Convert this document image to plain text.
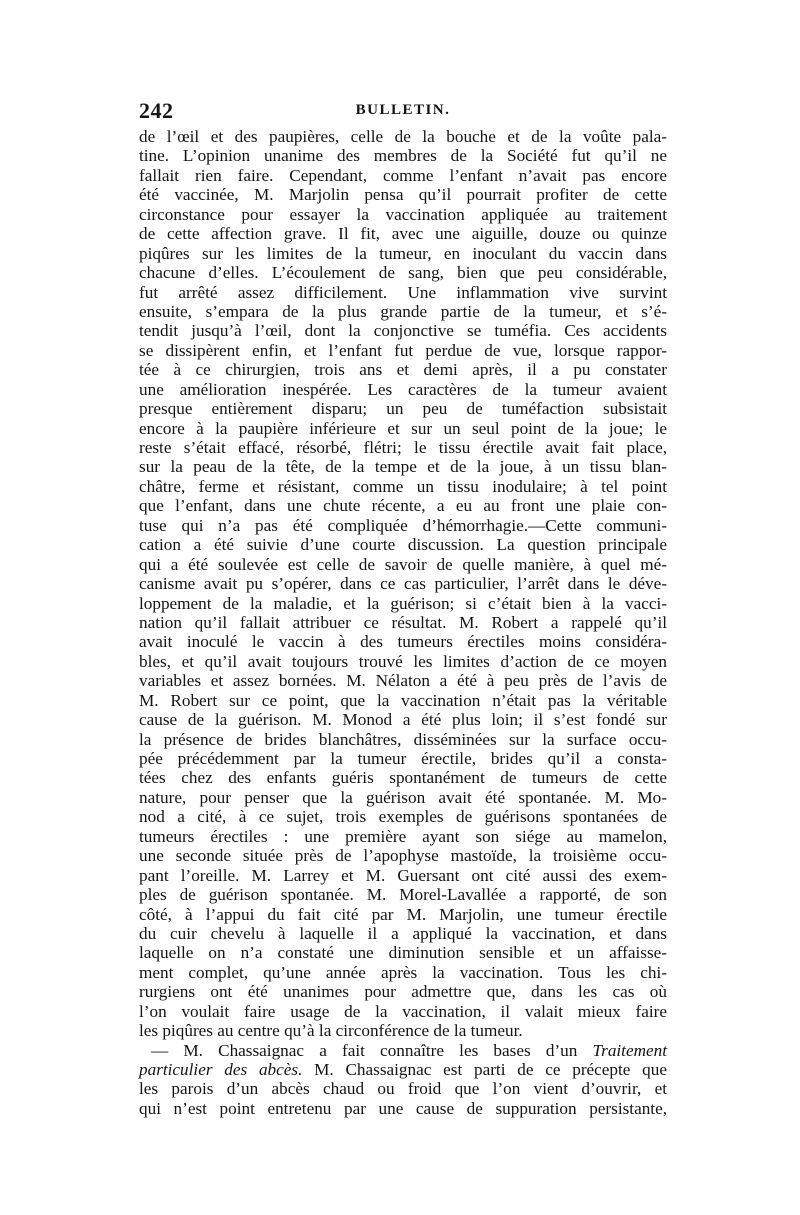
242	BULLETIN.
de l’œil et des paupières, celle de la bouche et de la voûte pala-
tine. L’opinion unanime des membres de la Société fut qu’il ne
fallait rien faire. Cependant, comme l’enfant n’avait pas encore
été vaccinée, M. Marjolin pensa qu’il pourrait profiter de cette
circonstance pour essayer la vaccination appliquée au traitement
de cette affection grave. Il fit, avec une aiguille, douze ou quinze
piqûres sur les limites de la tumeur, en inoculant du vaccin dans
chacune d’elles. L’écoulement de sang, bien que peu considérable,
fut arrêté assez difficilement. Une inflammation vive survint
ensuite, s’empara de la plus grande partie de la tumeur, et s’é-
tendit jusqu’à l’œil, dont la conjonctive se tuméfia. Ces accidents
se dissipèrent enfin, et l’enfant fut perdue de vue, lorsque rappor-
tée à ce chirurgien, trois ans et demi après, il a pu constater
une amélioration inespérée. Les caractères de la tumeur avaient
presque entièrement disparu; un peu de tuméfaction subsistait
encore à la paupière inférieure et sur un seul point de la joue; le
reste s’était effacé, résorbé, flétri; le tissu érectile avait fait place,
sur la peau de la tête, de la tempe et de la joue, à un tissu blan-
châtre, ferme et résistant, comme un tissu inodulaire; à tel point
que l’enfant, dans une chute récente, a eu au front une plaie con-
tuse qui n’a pas été compliquée d’hémorrhagie.—Cette communi-
cation a été suivie d’une courte discussion. La question principale
qui a été soulevée est celle de savoir de quelle manière, à quel mé-
canisme avait pu s’opérer, dans ce cas particulier, l’arrêt dans le déve-
loppement de la maladie, et la guérison; si c’était bien à la vacci-
nation qu’il fallait attribuer ce résultat. M. Robert a rappelé qu’il
avait inoculé le vaccin à des tumeurs érectiles moins considéra-
bles, et qu’il avait toujours trouvé les limites d’action de ce moyen
variables et assez bornées. M. Nélaton a été à peu près de l’avis de
M. Robert sur ce point, que la vaccination n’était pas la véritable
cause de la guérison. M. Monod a été plus loin; il s’est fondé sur
la présence de brides blanchâtres, disséminées sur la surface occu-
pée précédemment par la tumeur érectile, brides qu’il a consta-
tées chez des enfants guéris spontanément de tumeurs de cette
nature, pour penser que la guérison avait été spontanée. M. Mo-
nod a cité, à ce sujet, trois exemples de guérisons spontanées de
tumeurs érectiles : une première ayant son siége au mamelon,
une seconde située près de l’apophyse mastoïde, la troisième occu-
pant l’oreille. M. Larrey et M. Guersant ont cité aussi des exem-
ples de guérison spontanée. M. Morel-Lavallée a rapporté, de son
côté, à l’appui du fait cité par M. Marjolin, une tumeur érectile
du cuir chevelu à laquelle il a appliqué la vaccination, et dans
laquelle on n’a constaté une diminution sensible et un affaisse-
ment complet, qu’une année après la vaccination. Tous les chi-
rurgiens ont été unanimes pour admettre que, dans les cas où
l’on voulait faire usage de la vaccination, il valait mieux faire
les piqûres au centre qu’à la circonférence de la tumeur.
— M. Chassaignac a fait connaître les bases d’un Traitement
particulier des abcès. M. Chassaignac est parti de ce précepte que
les parois d’un abcès chaud ou froid que l’on vient d’ouvrir, et
qui n’est point entretenu par une cause de suppuration persistante,
